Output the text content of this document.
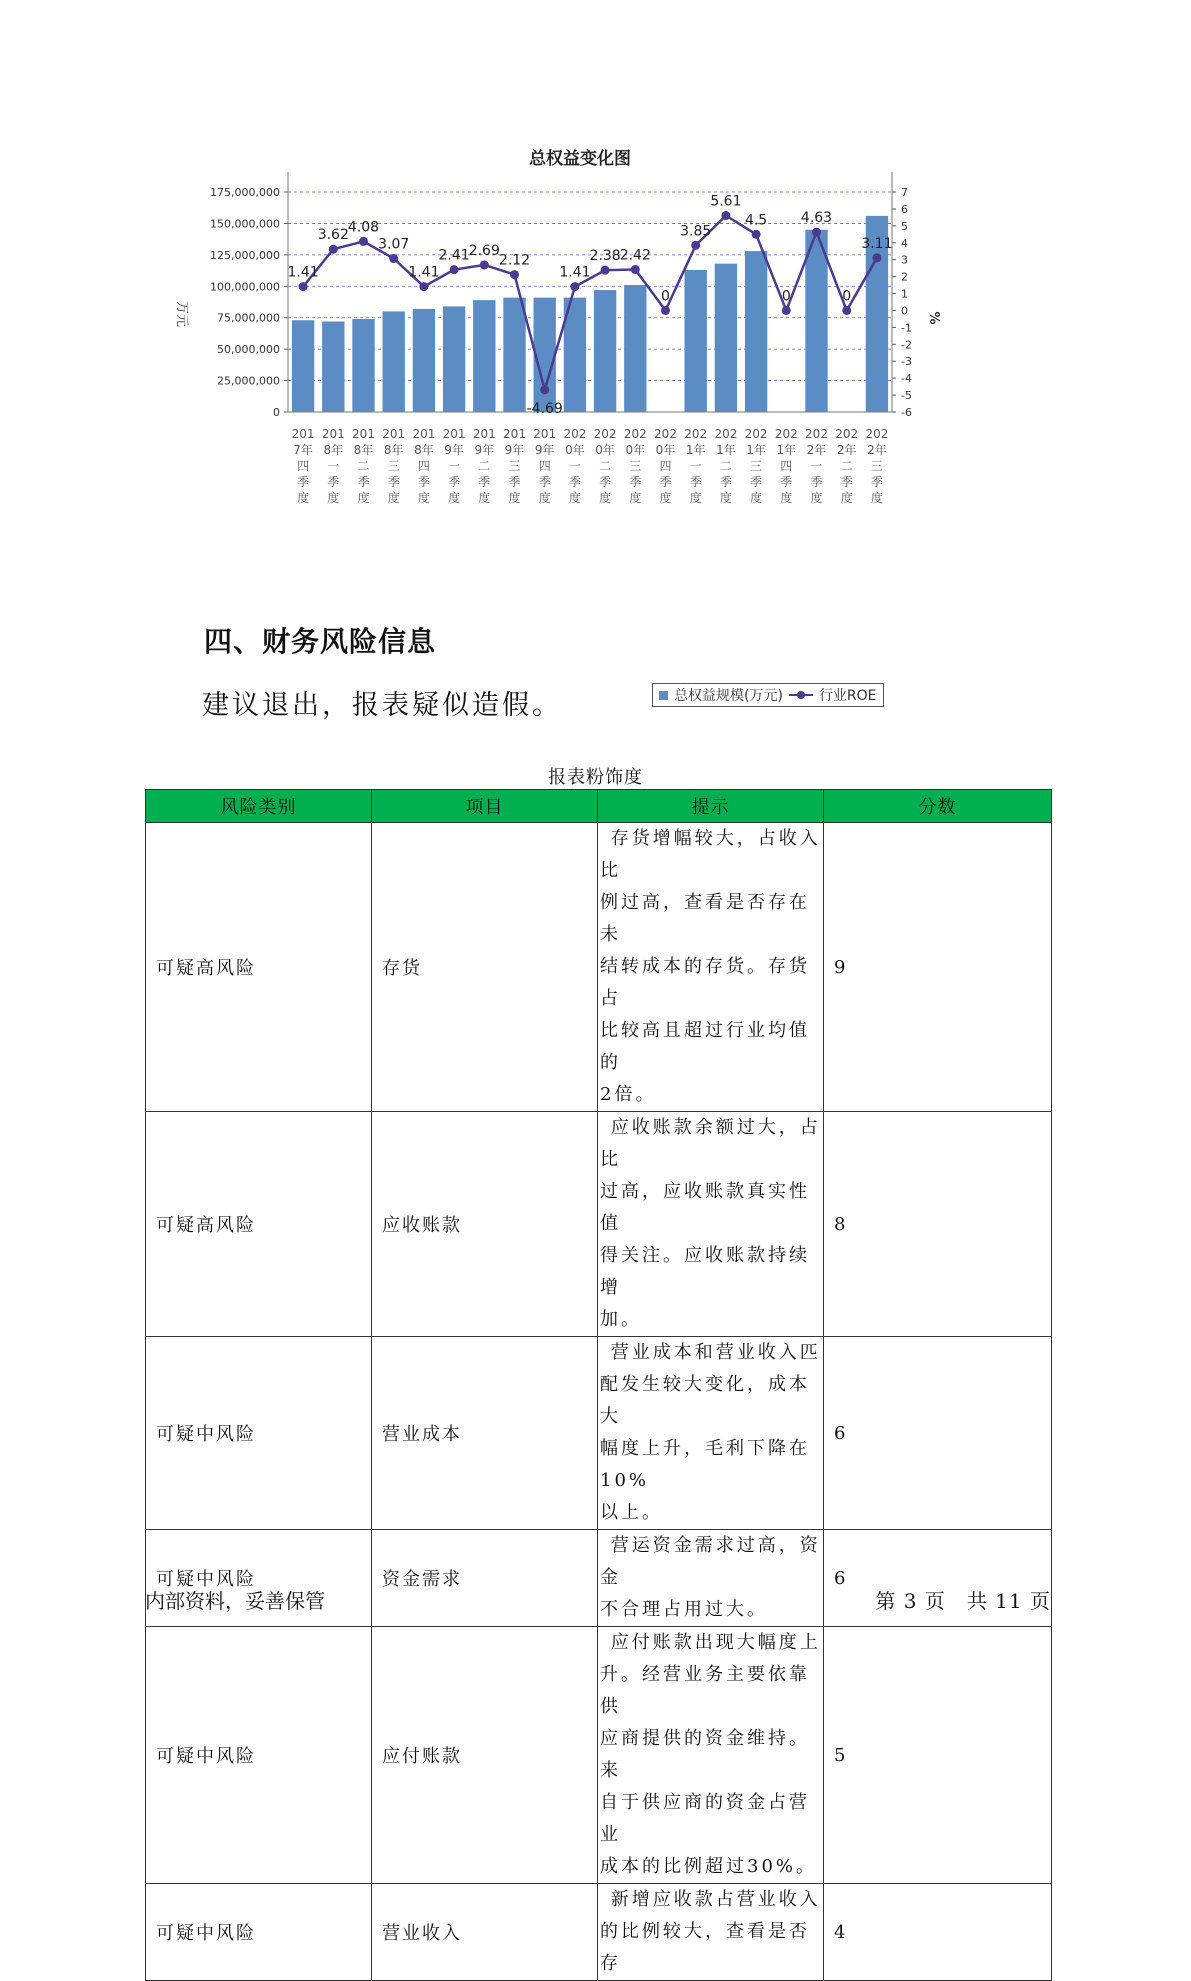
总权益变化图
175,000,000
150,000,000
125,000,000
100,000,000
75,000,000
50,000,000
25,000,000
0
7
6
5
4
3
2
1
0
-1
-2
-3
-4
-5
-6
万元	%
1.41
3.62 4.08
3.07
1.41
2.41 2.69
2.12
-4.69
1.41
2.38 2.42
0
3.85
5.61
4.5
0
4.63
0
3.11
201
7年
四
季
度
201
8年
一
季
度
201
8年
二
季
度
201
8年
三
季
度
201
8年
四
季
度
201
9年
一
季
度
201
9年
二
季
度
201
9年
三
季
度
201
9年
四
季
度
202
0年
一
季
度
202
0年
二
季
度
202
0年
三
季
度
202
0年
四
季
度
202
1年
一
季
度
202
1年
二
季
度
202
1年
三
季
度
202
1年
四
季
度
202
2年
一
季
度
202
2年
二
季
度
202
2年
三
季
度
总权益规模(万元)	行业ROE
四、财务风险信息
建议退出，报表疑似造假。
报表粉饰度
风险类别	项目	提示	分数
可疑高风险	存货	存货增幅较大，占收入比
例过高，查看是否存在未
结转成本的存货。存货占
比较高且超过行业均值的
2倍。	9
可疑高风险	应收账款	应收账款余额过大，占比
过高，应收账款真实性值
得关注。应收账款持续增
加。	8
可疑中风险	营业成本	营业成本和营业收入匹
配发生较大变化，成本大
幅度上升，毛利下降在10%
以上。	6
可疑中风险	资金需求	营运资金需求过高，资金
不合理占用过大。	6
可疑中风险	应付账款	应付账款出现大幅度上
升。经营业务主要依靠供
应商提供的资金维持。来
自于供应商的资金占营业
成本的比例超过30%。	5
可疑中风险	营业收入	新增应收款占营业收入
的比例较大，查看是否存	4
内部资料，妥善保管	第 3 页　共 11 页
